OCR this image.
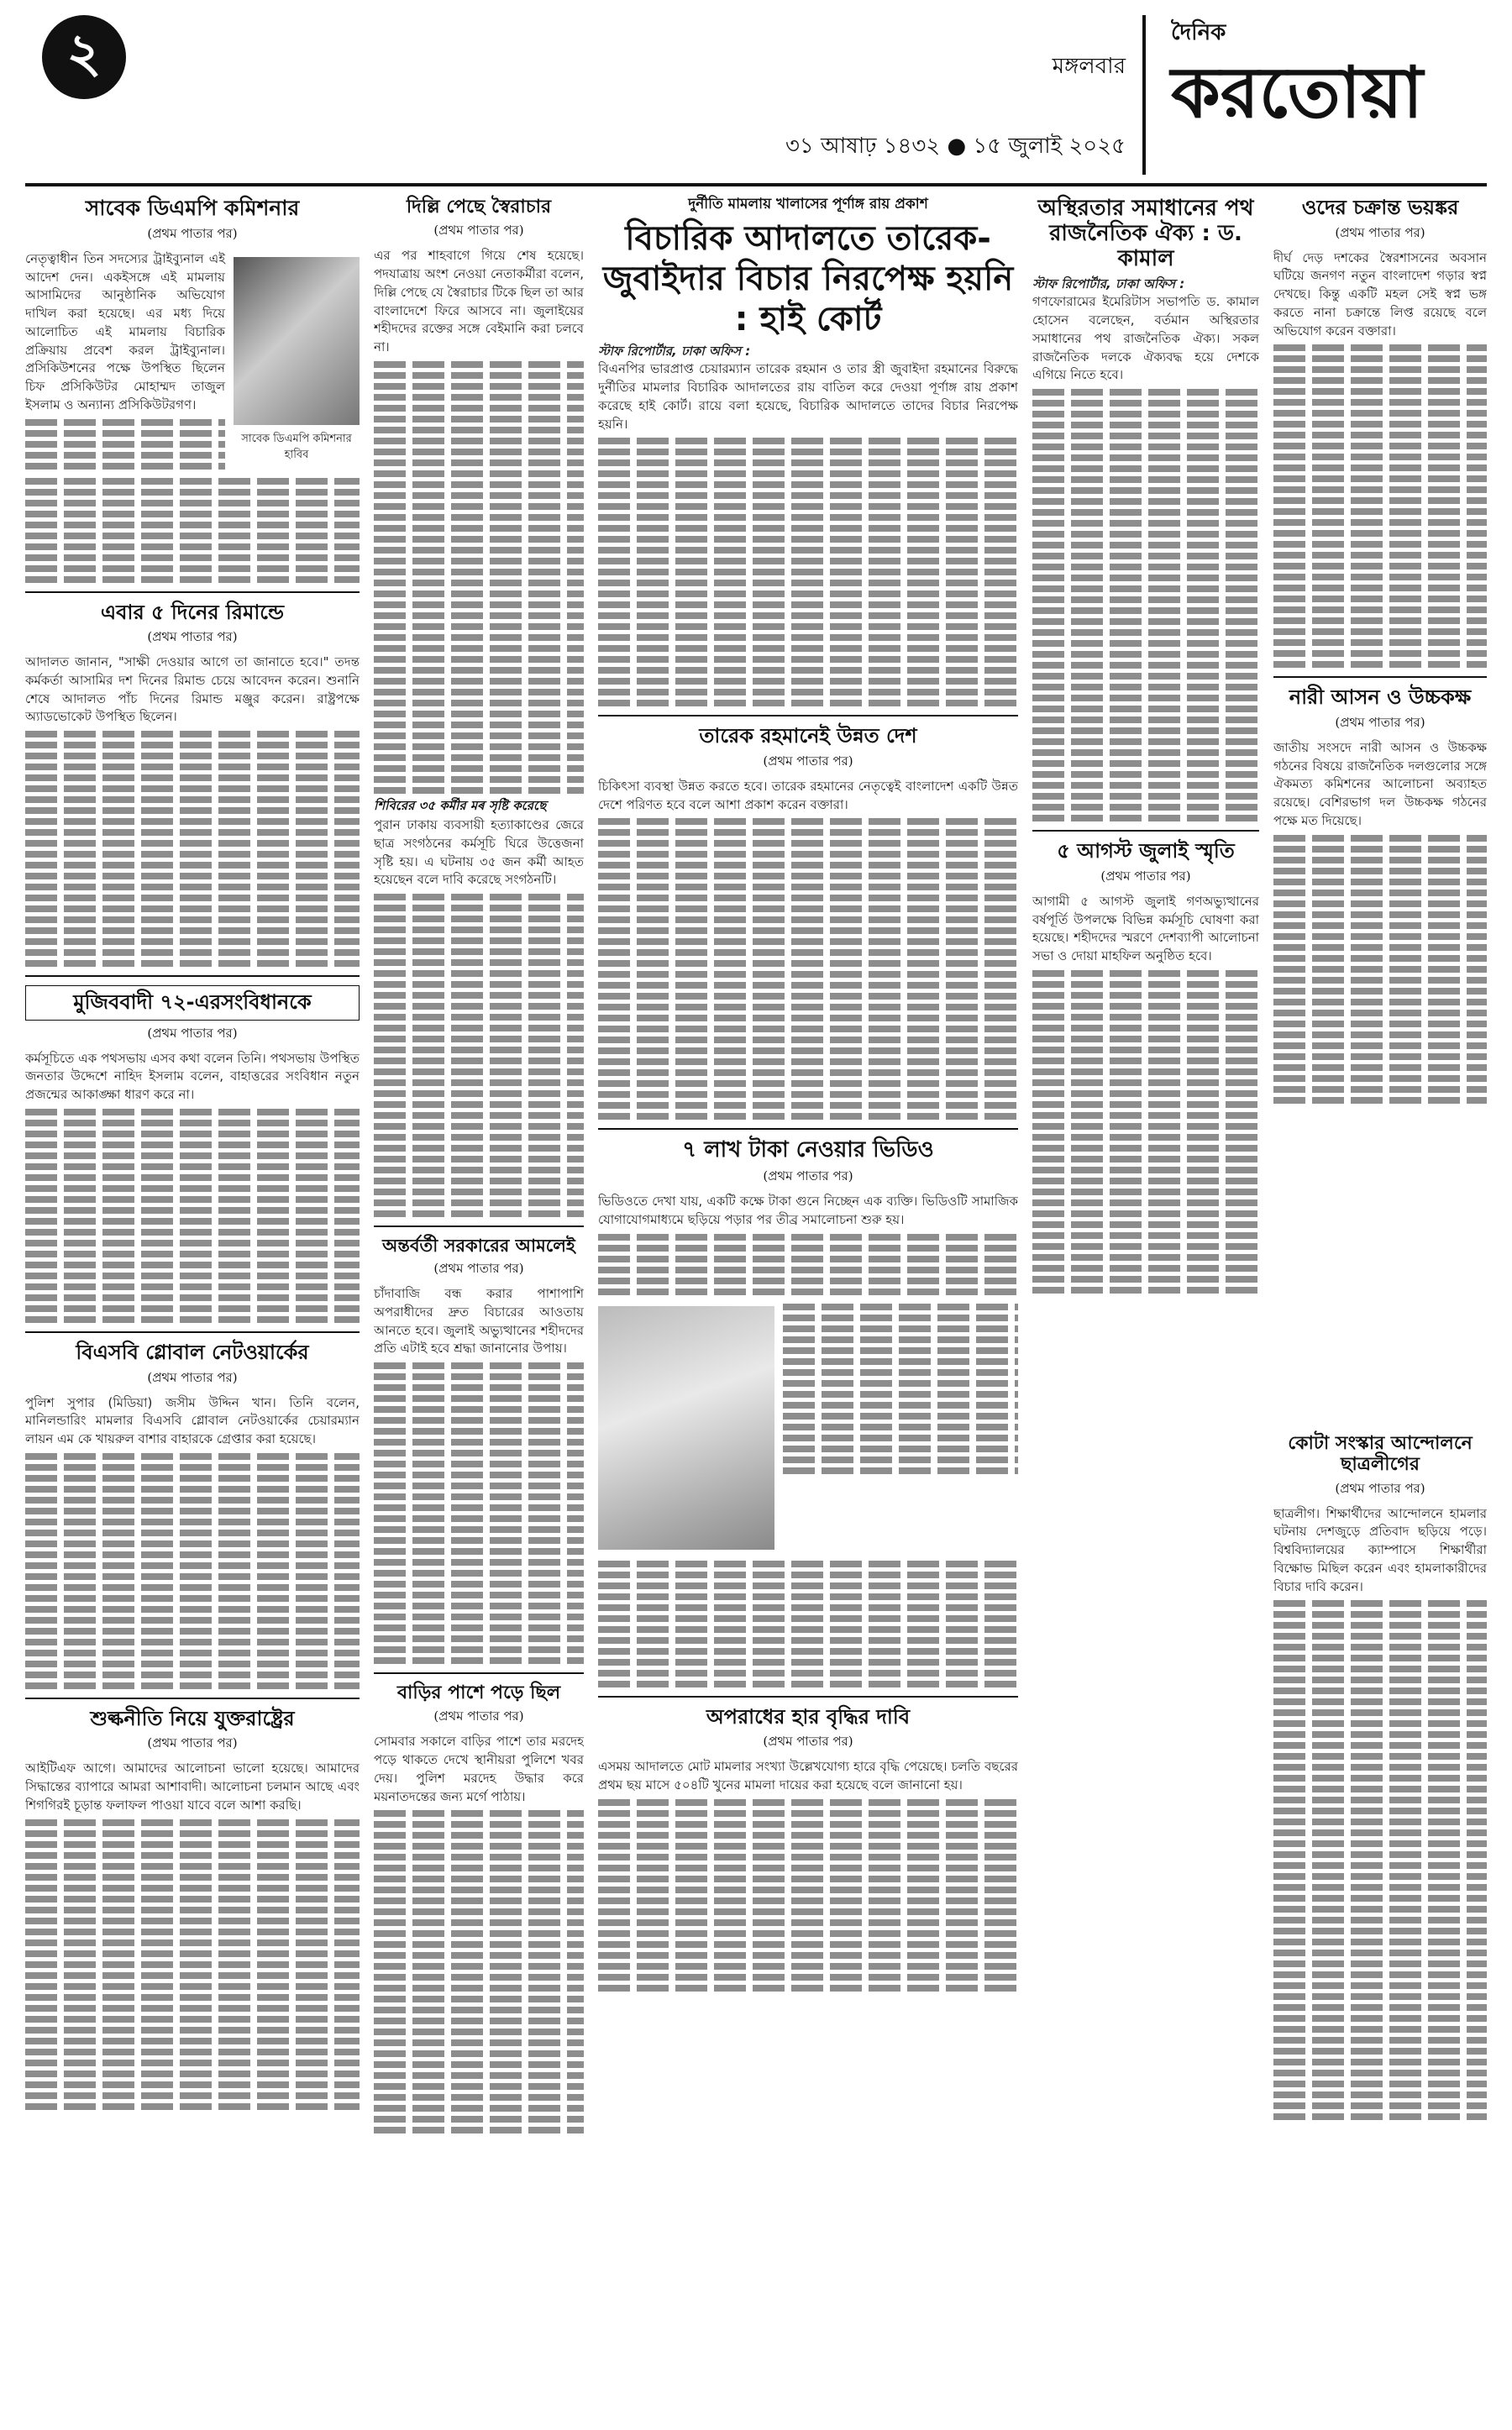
২	মঙ্গলবার
৩১ আষাঢ় ১৪৩২ ● ১৫ জুলাই ২০২৫
দৈনিক
করতোয়া
সাবেক ডিএমপি কমিশনার
(প্রথম পাতার পর)
নেতৃত্বাধীন তিন সদস্যের ট্রাইব্যুনাল এই আদেশ দেন। একইসঙ্গে এই মামলায় আসামিদের আনুষ্ঠানিক অভিযোগ দাখিল করা হয়েছে। এর মধ্য দিয়ে আলোচিত এই মামলায় বিচারিক প্রক্রিয়ায় প্রবেশ করল ট্রাইব্যুনাল। প্রসিকিউশনের পক্ষে উপস্থিত ছিলেন চিফ প্রসিকিউটর মোহাম্মদ তাজুল ইসলাম ও অন্যান্য প্রসিকিউটরগণ।
সাবেক ডিএমপি কমিশনার হাবিব
এবার ৫ দিনের রিমান্ডে
(প্রথম পাতার পর)
আদালত জানান, "সাক্ষী দেওয়ার আগে তা জানাতে হবে।" তদন্ত কর্মকর্তা আসামির দশ দিনের রিমান্ড চেয়ে আবেদন করেন। শুনানি শেষে আদালত পাঁচ দিনের রিমান্ড মঞ্জুর করেন। রাষ্ট্রপক্ষে অ্যাডভোকেট উপস্থিত ছিলেন।
মুজিববাদী ৭২-এরসংবিধানকে
(প্রথম পাতার পর)
কর্মসূচিতে এক পথসভায় এসব কথা বলেন তিনি। পথসভায় উপস্থিত জনতার উদ্দেশে নাহিদ ইসলাম বলেন, বাহাত্তরের সংবিধান নতুন প্রজন্মের আকাঙ্ক্ষা ধারণ করে না।
বিএসবি গ্লোবাল নেটওয়ার্কের
(প্রথম পাতার পর)
পুলিশ সুপার (মিডিয়া) জসীম উদ্দিন খান। তিনি বলেন, মানিলন্ডারিং মামলার বিএসবি গ্লোবাল নেটওয়ার্কের চেয়ারম্যান লায়ন এম কে খায়রুল বাশার বাহারকে গ্রেপ্তার করা হয়েছে।
শুল্কনীতি নিয়ে যুক্তরাষ্ট্রের
(প্রথম পাতার পর)
আইটিএফ আগে। আমাদের আলোচনা ভালো হয়েছে। আমাদের সিদ্ধান্তের ব্যাপারে আমরা আশাবাদী। আলোচনা চলমান আছে এবং শিগগিরই চূড়ান্ত ফলাফল পাওয়া যাবে বলে আশা করছি।
দিল্লি পেছে স্বৈরাচার
(প্রথম পাতার পর)
এর পর শাহবাগে গিয়ে শেষ হয়েছে। পদযাত্রায় অংশ নেওয়া নেতাকর্মীরা বলেন, দিল্লি পেছে যে স্বৈরাচার টিকে ছিল তা আর বাংলাদেশে ফিরে আসবে না। জুলাইয়ের শহীদদের রক্তের সঙ্গে বেইমানি করা চলবে না।
শিবিরের ৩৫ কর্মীর মৰ সৃষ্টি করেছে
পুরান ঢাকায় ব্যবসায়ী হত্যাকাণ্ডের জেরে ছাত্র সংগঠনের কর্মসূচি ঘিরে উত্তেজনা সৃষ্টি হয়। এ ঘটনায় ৩৫ জন কর্মী আহত হয়েছেন বলে দাবি করেছে সংগঠনটি।
অন্তর্বর্তী সরকারের আমলেই
(প্রথম পাতার পর)
চাঁদাবাজি বন্ধ করার পাশাপাশি অপরাধীদের দ্রুত বিচারের আওতায় আনতে হবে। জুলাই অভ্যুত্থানের শহীদদের প্রতি এটাই হবে শ্রদ্ধা জানানোর উপায়।
বাড়ির পাশে পড়ে ছিল
(প্রথম পাতার পর)
সোমবার সকালে বাড়ির পাশে তার মরদেহ পড়ে থাকতে দেখে স্থানীয়রা পুলিশে খবর দেয়। পুলিশ মরদেহ উদ্ধার করে ময়নাতদন্তের জন্য মর্গে পাঠায়।
দুর্নীতি মামলায় খালাসের পূর্ণাঙ্গ রায় প্রকাশ
বিচারিক আদালতে তারেক-জুবাইদার বিচার নিরপেক্ষ হয়নি : হাই কোর্ট
স্টাফ রিপোর্টার, ঢাকা অফিস :
বিএনপির ভারপ্রাপ্ত চেয়ারম্যান তারেক রহমান ও তার স্ত্রী জুবাইদা রহমানের বিরুদ্ধে দুর্নীতির মামলার বিচারিক আদালতের রায় বাতিল করে দেওয়া পূর্ণাঙ্গ রায় প্রকাশ করেছে হাই কোর্ট। রায়ে বলা হয়েছে, বিচারিক আদালতে তাদের বিচার নিরপেক্ষ হয়নি।
তারেক রহমানেই উন্নত দেশ
(প্রথম পাতার পর)
চিকিৎসা ব্যবস্থা উন্নত করতে হবে। তারেক রহমানের নেতৃত্বেই বাংলাদেশ একটি উন্নত দেশে পরিণত হবে বলে আশা প্রকাশ করেন বক্তারা।
৭ লাখ টাকা নেওয়ার ভিডিও
(প্রথম পাতার পর)
ভিডিওতে দেখা যায়, একটি কক্ষে টাকা গুনে নিচ্ছেন এক ব্যক্তি। ভিডিওটি সামাজিক যোগাযোগমাধ্যমে ছড়িয়ে পড়ার পর তীব্র সমালোচনা শুরু হয়।
অপরাধের হার বৃদ্ধির দাবি
(প্রথম পাতার পর)
এসময় আদালতে মোট মামলার সংখ্যা উল্লেখযোগ্য হারে বৃদ্ধি পেয়েছে। চলতি বছরের প্রথম ছয় মাসে ৫০৪টি খুনের মামলা দায়ের করা হয়েছে বলে জানানো হয়।
অস্থিরতার সমাধানের পথ রাজনৈতিক ঐক্য : ড. কামাল
স্টাফ রিপোর্টার, ঢাকা অফিস :
গণফোরামের ইমেরিটাস সভাপতি ড. কামাল হোসেন বলেছেন, বর্তমান অস্থিরতার সমাধানের পথ রাজনৈতিক ঐক্য। সকল রাজনৈতিক দলকে ঐক্যবদ্ধ হয়ে দেশকে এগিয়ে নিতে হবে।
৫ আগস্ট জুলাই স্মৃতি
(প্রথম পাতার পর)
আগামী ৫ আগস্ট জুলাই গণঅভ্যুত্থানের বর্ষপূর্তি উপলক্ষে বিভিন্ন কর্মসূচি ঘোষণা করা হয়েছে। শহীদদের স্মরণে দেশব্যাপী আলোচনা সভা ও দোয়া মাহফিল অনুষ্ঠিত হবে।
ওদের চক্রান্ত ভয়ঙ্কর
(প্রথম পাতার পর)
দীর্ঘ দেড় দশকের স্বৈরশাসনের অবসান ঘটিয়ে জনগণ নতুন বাংলাদেশ গড়ার স্বপ্ন দেখছে। কিন্তু একটি মহল সেই স্বপ্ন ভঙ্গ করতে নানা চক্রান্তে লিপ্ত রয়েছে বলে অভিযোগ করেন বক্তারা।
নারী আসন ও উচ্চকক্ষ
(প্রথম পাতার পর)
জাতীয় সংসদে নারী আসন ও উচ্চকক্ষ গঠনের বিষয়ে রাজনৈতিক দলগুলোর সঙ্গে ঐকমত্য কমিশনের আলোচনা অব্যাহত রয়েছে। বেশিরভাগ দল উচ্চকক্ষ গঠনের পক্ষে মত দিয়েছে।
কোটা সংস্কার আন্দোলনে ছাত্রলীগের
(প্রথম পাতার পর)
ছাত্রলীগ। শিক্ষার্থীদের আন্দোলনে হামলার ঘটনায় দেশজুড়ে প্রতিবাদ ছড়িয়ে পড়ে। বিশ্ববিদ্যালয়ের ক্যাম্পাসে শিক্ষার্থীরা বিক্ষোভ মিছিল করেন এবং হামলাকারীদের বিচার দাবি করেন।
